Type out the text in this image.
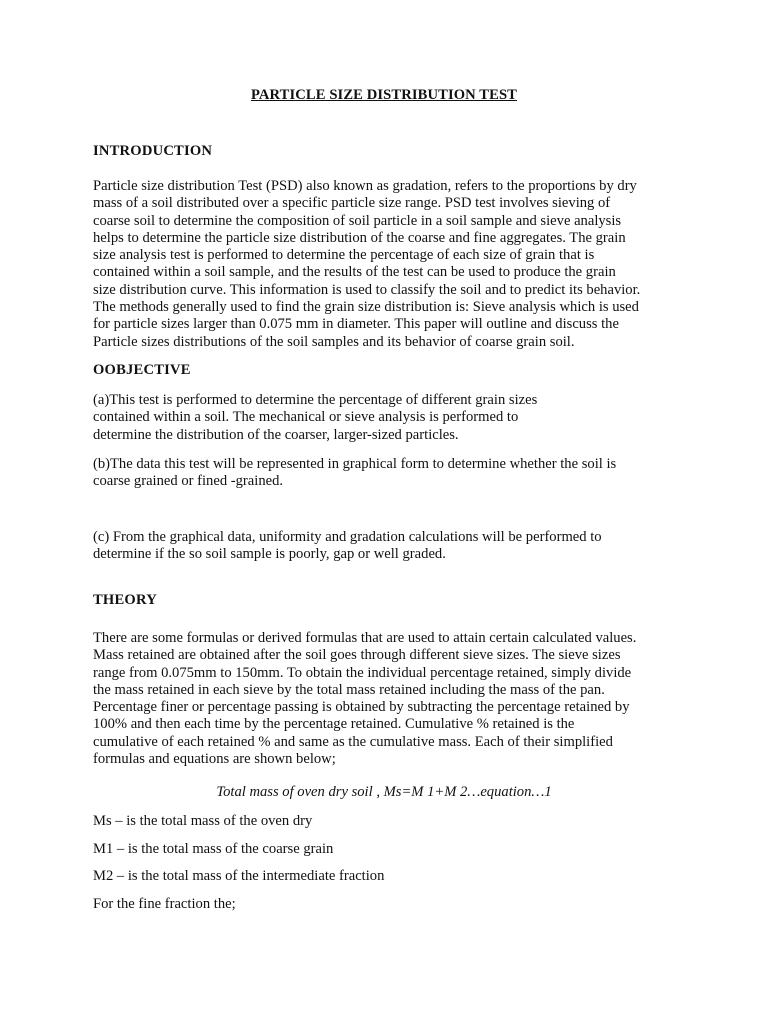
PARTICLE SIZE DISTRIBUTION TEST
INTRODUCTION
Particle size distribution Test (PSD) also known as gradation, refers to the proportions by dry
mass of a soil distributed over a specific particle size range. PSD test involves sieving of
coarse soil to determine the composition of soil particle in a soil sample and sieve analysis
helps to determine the particle size distribution of the coarse and fine aggregates. The grain
size analysis test is performed to determine the percentage of each size of grain that is
contained within a soil sample, and the results of the test can be used to produce the grain
size distribution curve. This information is used to classify the soil and to predict its behavior.
The methods generally used to find the grain size distribution is: Sieve analysis which is used
for particle sizes larger than 0.075 mm in diameter. This paper will outline and discuss the
Particle sizes distributions of the soil samples and its behavior of coarse grain soil.
OOBJECTIVE
(a)This test is performed to determine the percentage of different grain sizes
contained within a soil. The mechanical or sieve analysis is performed to
determine the distribution of the coarser, larger-sized particles.
(b)The data this test will be represented in graphical form to determine whether the soil is
coarse grained or fined -grained.
(c) From the graphical data, uniformity and gradation calculations will be performed to
determine if the so soil sample is poorly, gap or well graded.
THEORY
There are some formulas or derived formulas that are used to attain certain calculated values.
Mass retained are obtained after the soil goes through different sieve sizes. The sieve sizes
range from 0.075mm to 150mm. To obtain the individual percentage retained, simply divide
the mass retained in each sieve by the total mass retained including the mass of the pan.
Percentage finer or percentage passing is obtained by subtracting the percentage retained by
100% and then each time by the percentage retained. Cumulative % retained is the
cumulative of each retained % and same as the cumulative mass. Each of their simplified
formulas and equations are shown below;
Total mass of oven dry soil , Ms=M 1+M 2…equation…1
Ms – is the total mass of the oven dry
M1 – is the total mass of the coarse grain
M2 – is the total mass of the intermediate fraction
For the fine fraction the;
